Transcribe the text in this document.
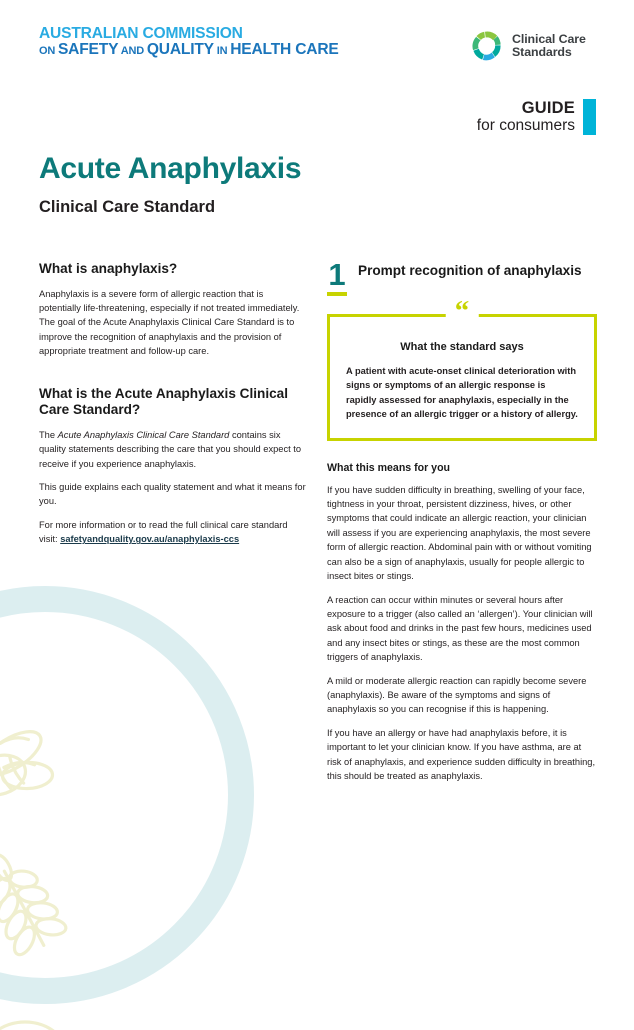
AUSTRALIAN COMMISSION
ON SAFETY AND QUALITY IN HEALTH CARE
Clinical Care
Standards
GUIDE
for consumers
Acute Anaphylaxis

Clinical Care Standard

What is anaphylaxis?

Anaphylaxis is a severe form of allergic reaction that is potentially life-threatening, especially if not treated immediately. The goal of the Acute Anaphylaxis Clinical Care Standard is to improve the recognition of anaphylaxis and the provision of appropriate treatment and follow-up care.

What is the Acute Anaphylaxis Clinical Care Standard?

The Acute Anaphylaxis Clinical Care Standard contains six quality statements describing the care that you should expect to receive if you experience anaphylaxis.

This guide explains each quality statement and what it means for you.

For more information or to read the full clinical care standard visit: safetyandquality.gov.au/anaphylaxis-ccs

1 Prompt recognition of anaphylaxis
“

What the standard says

A patient with acute-onset clinical deterioration with signs or symptoms of an allergic response is rapidly assessed for anaphylaxis, especially in the presence of an allergic trigger or a history of allergy.

What this means for you

If you have sudden difficulty in breathing, swelling of your face, tightness in your throat, persistent dizziness, hives, or other symptoms that could indicate an allergic reaction, your clinician will assess if you are experiencing anaphylaxis, the most severe form of allergic reaction. Abdominal pain with or without vomiting can also be a sign of anaphylaxis, usually for people allergic to insect bites or stings.

A reaction can occur within minutes or several hours after exposure to a trigger (also called an ‘allergen’). Your clinician will ask about food and drinks in the past few hours, medicines used and any insect bites or stings, as these are the most common triggers of anaphylaxis.

A mild or moderate allergic reaction can rapidly become severe (anaphylaxis). Be aware of the symptoms and signs of anaphylaxis so you can recognise if this is happening.

If you have an allergy or have had anaphylaxis before, it is important to let your clinician know. If you have asthma, are at risk of anaphylaxis, and experience sudden difficulty in breathing, this should be treated as anaphylaxis.
